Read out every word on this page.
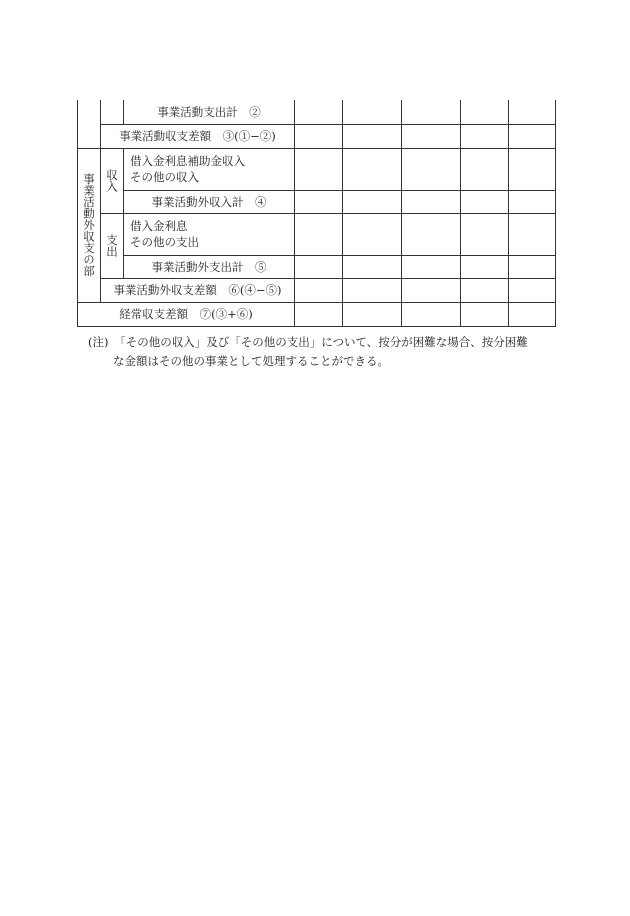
		事業活動支出計　②					
	事業活動収支差額　③(①−②)						

事業活動外収支の部	収入	借入金利息補助金収入
その他の収入					

		事業活動外収入計　④					

	支出	借入金利息
その他の支出					

		事業活動外支出計　⑤					
	事業活動外収支差額　⑥(④−⑤)						
経常収支差額　⑦(③+⑥)							
(注)　 「その他の収入」及び「その他の支出」について、按分が困難な場合、按分困難
な金額はその他の事業として処理することができる。
